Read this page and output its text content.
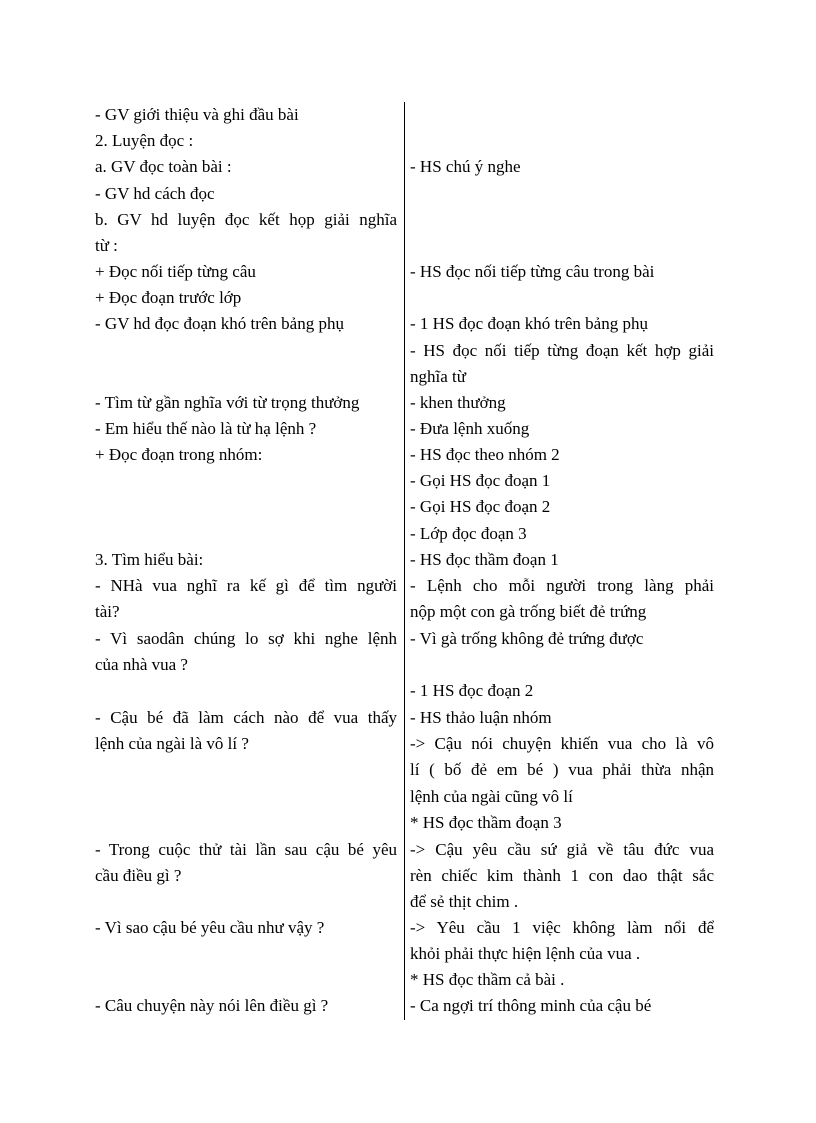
- GV giới thiệu và ghi đầu bài
2. Luyện đọc :
a. GV đọc toàn bài :
- GV hd cách đọc
b. GV hd luyện đọc kết họp giải nghĩa
từ :
+ Đọc nối tiếp từng câu
+ Đọc đoạn trước lớp
- GV hd đọc đoạn khó trên bảng phụ
- Tìm từ gần nghĩa với từ trọng thưởng
- Em hiểu thế nào là từ hạ lệnh ?
+ Đọc đoạn trong nhóm:
3. Tìm hiểu bài:
- NHà vua nghĩ ra kế gì để tìm người
tài?
- Vì saodân chúng lo sợ khi nghe lệnh
của nhà vua ?
- Cậu bé đã làm cách nào để vua thấy
lệnh của ngài là vô lí ?
- Trong cuộc thử tài lần sau cậu bé yêu
cầu điều gì ?
- Vì sao cậu bé yêu cầu như vậy ?
- Câu chuyện này nói lên điều gì ?
- HS chú ý nghe
- HS đọc nối tiếp từng câu trong bài
- 1 HS đọc đoạn khó trên bảng phụ
- HS đọc nối tiếp từng đoạn kết hợp giải
nghĩa từ
- khen thưởng
- Đưa lệnh xuống
- HS đọc theo nhóm 2
- Gọi HS đọc đoạn 1
- Gọi HS đọc đoạn 2
- Lớp đọc đoạn 3
- HS đọc thầm đoạn 1
- Lệnh cho mỗi người trong làng phải
nộp một con gà trống biết đẻ trứng
- Vì gà trống không đẻ trứng được
- 1 HS đọc đoạn 2
- HS thảo luận nhóm
-> Cậu nói chuyện khiến vua cho là vô
lí ( bố đẻ em bé ) vua phải thừa nhận
lệnh của ngài cũng vô lí
* HS đọc thầm đoạn 3
-> Cậu yêu cầu sứ giả về tâu đức vua
rèn chiếc kim thành 1 con dao thật sắc
để sẻ thịt chim .
-> Yêu cầu 1 việc không làm nổi để
khỏi phải thực hiện lệnh của vua .
* HS đọc thầm cả bài .
- Ca ngợi trí thông minh của cậu bé
